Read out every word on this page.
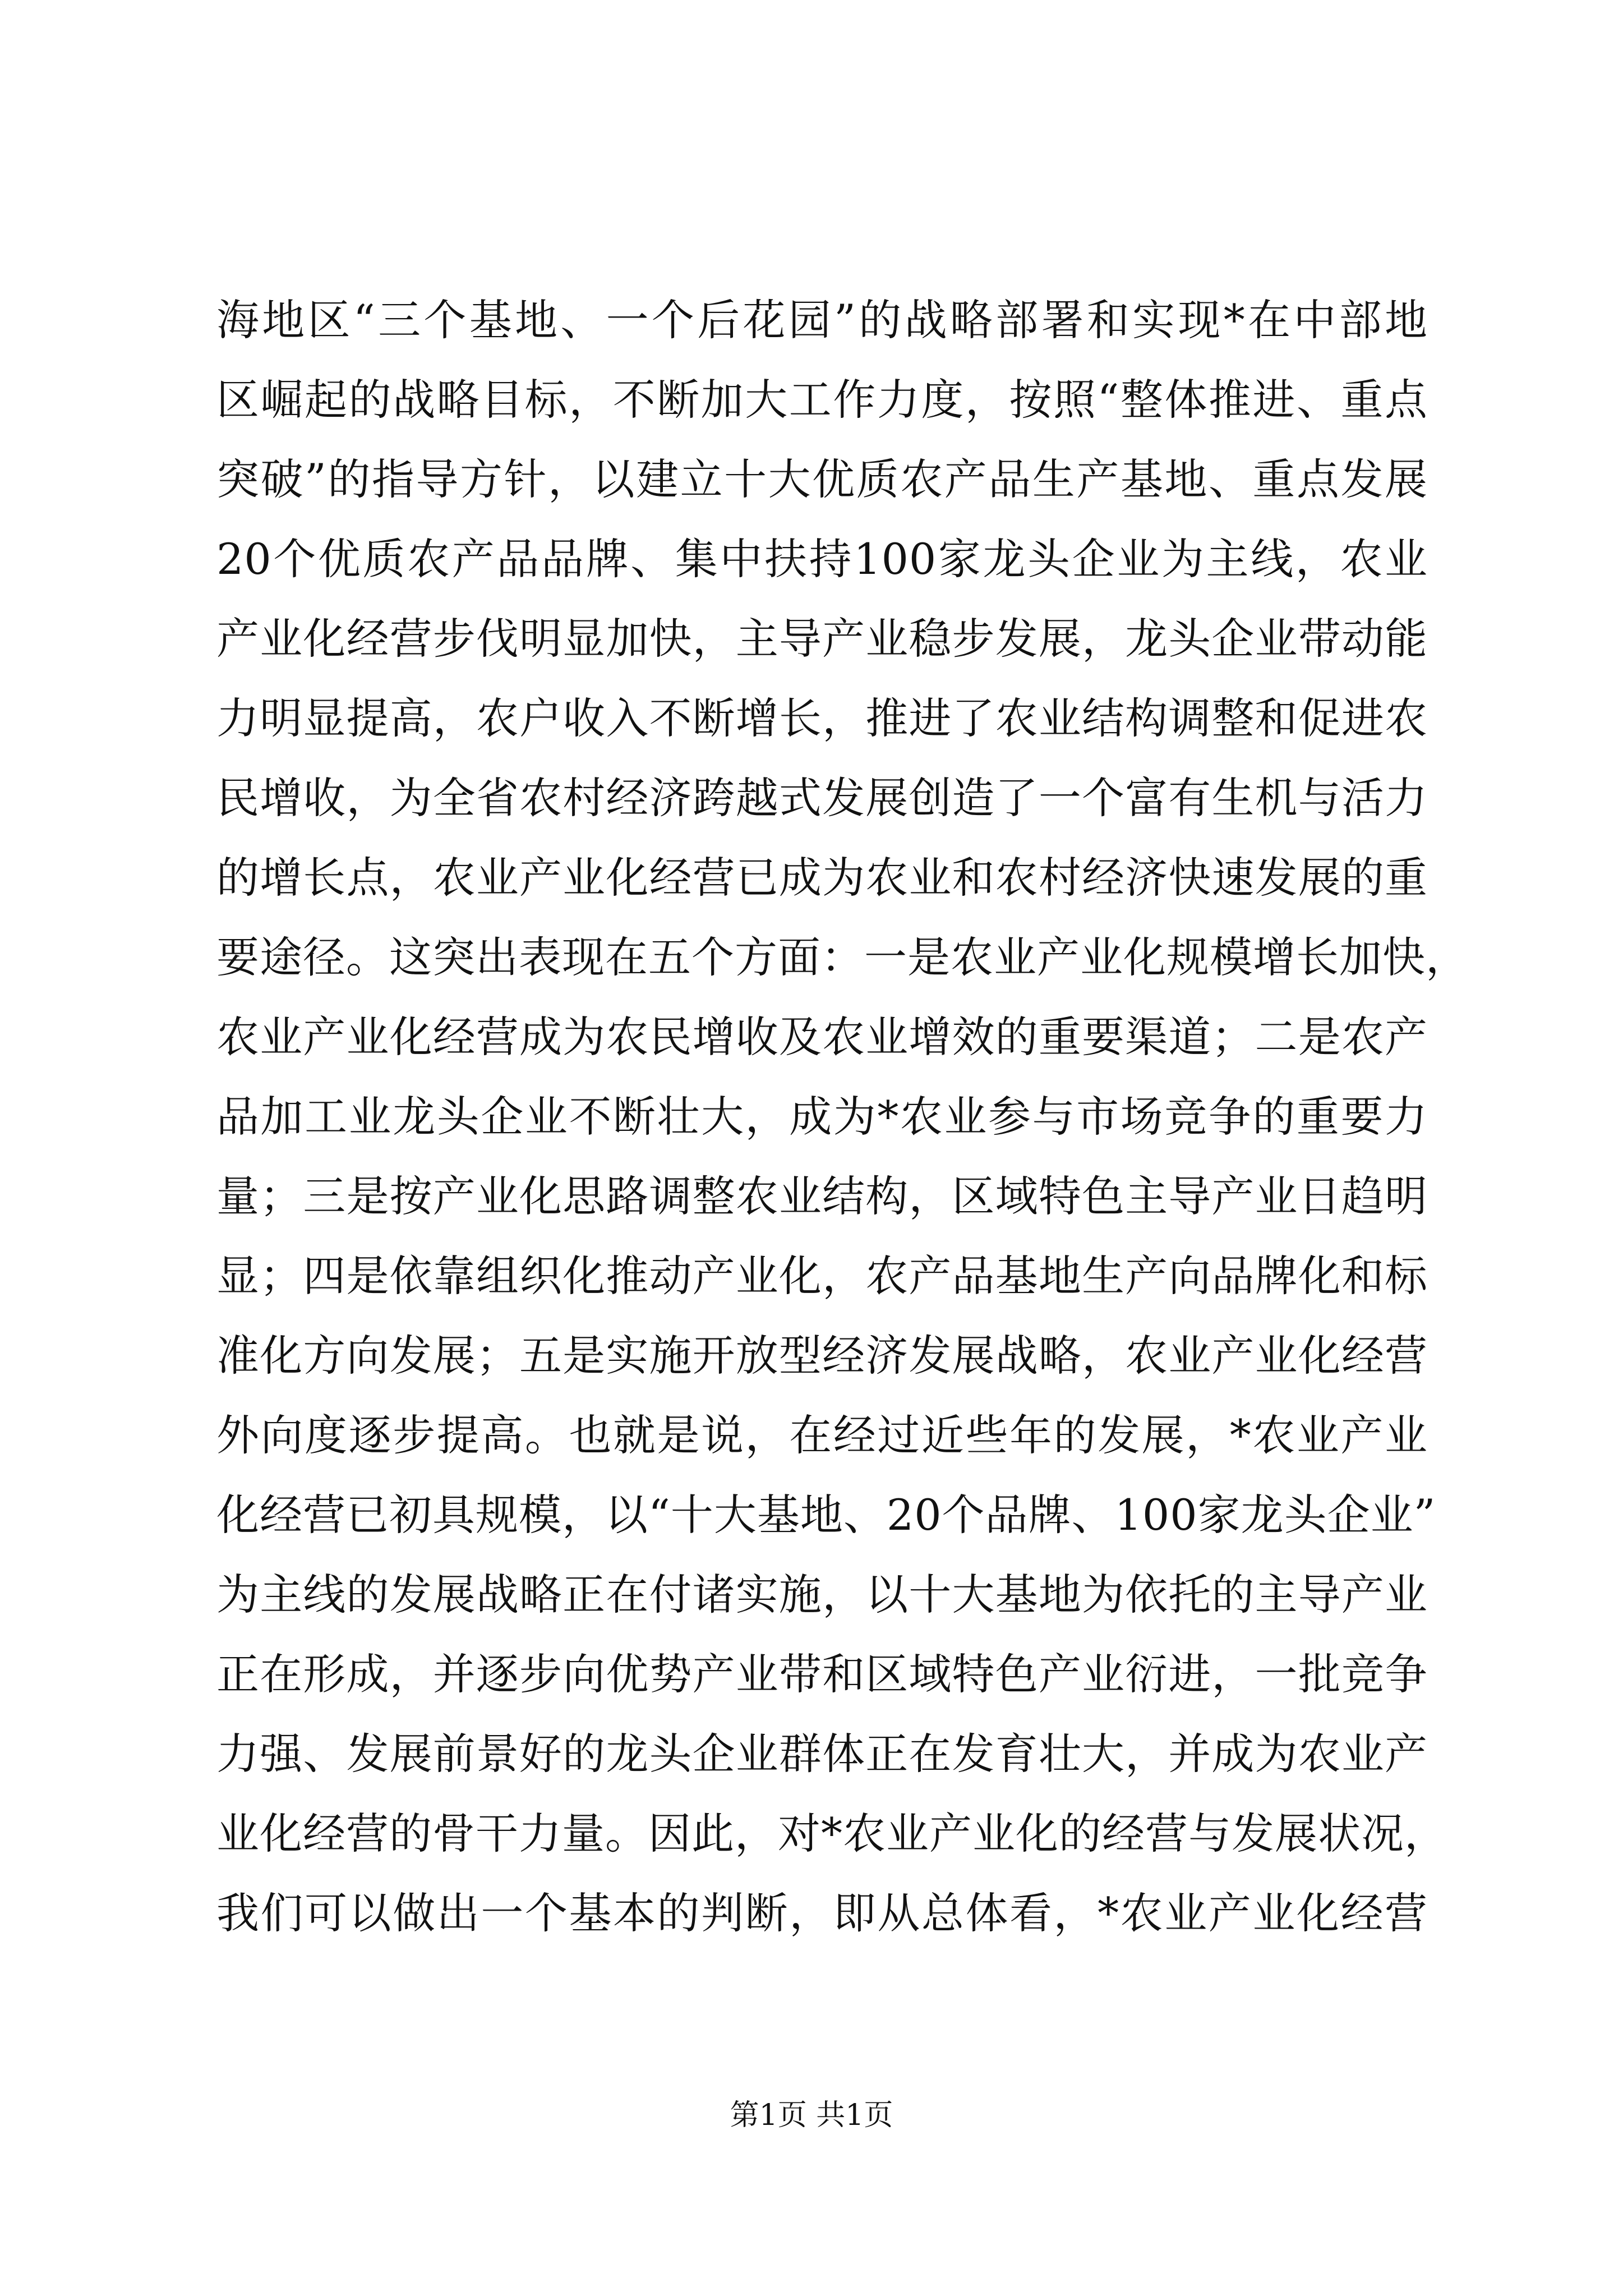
海地区“三个基地、一个后花园”的战略部署和实现*在中部地
区崛起的战略目标，不断加大工作力度，按照“整体推进、重点
突破”的指导方针，以建立十大优质农产品生产基地、重点发展
20个优质农产品品牌、集中扶持100家龙头企业为主线，农业
产业化经营步伐明显加快，主导产业稳步发展，龙头企业带动能
力明显提高，农户收入不断增长，推进了农业结构调整和促进农
民增收，为全省农村经济跨越式发展创造了一个富有生机与活力
的增长点，农业产业化经营已成为农业和农村经济快速发展的重
要途径。这突出表现在五个方面：一是农业产业化规模增长加快，
农业产业化经营成为农民增收及农业增效的重要渠道；二是农产
品加工业龙头企业不断壮大，成为*农业参与市场竞争的重要力
量；三是按产业化思路调整农业结构，区域特色主导产业日趋明
显；四是依靠组织化推动产业化，农产品基地生产向品牌化和标
准化方向发展；五是实施开放型经济发展战略，农业产业化经营
外向度逐步提高。也就是说，在经过近些年的发展，*农业产业
化经营已初具规模，以“十大基地、20个品牌、100家龙头企业”
为主线的发展战略正在付诸实施，以十大基地为依托的主导产业
正在形成，并逐步向优势产业带和区域特色产业衍进，一批竞争
力强、发展前景好的龙头企业群体正在发育壮大，并成为农业产
业化经营的骨干力量。因此，对*农业产业化的经营与发展状况，
我们可以做出一个基本的判断，即从总体看，*农业产业化经营
第1页 共1页
